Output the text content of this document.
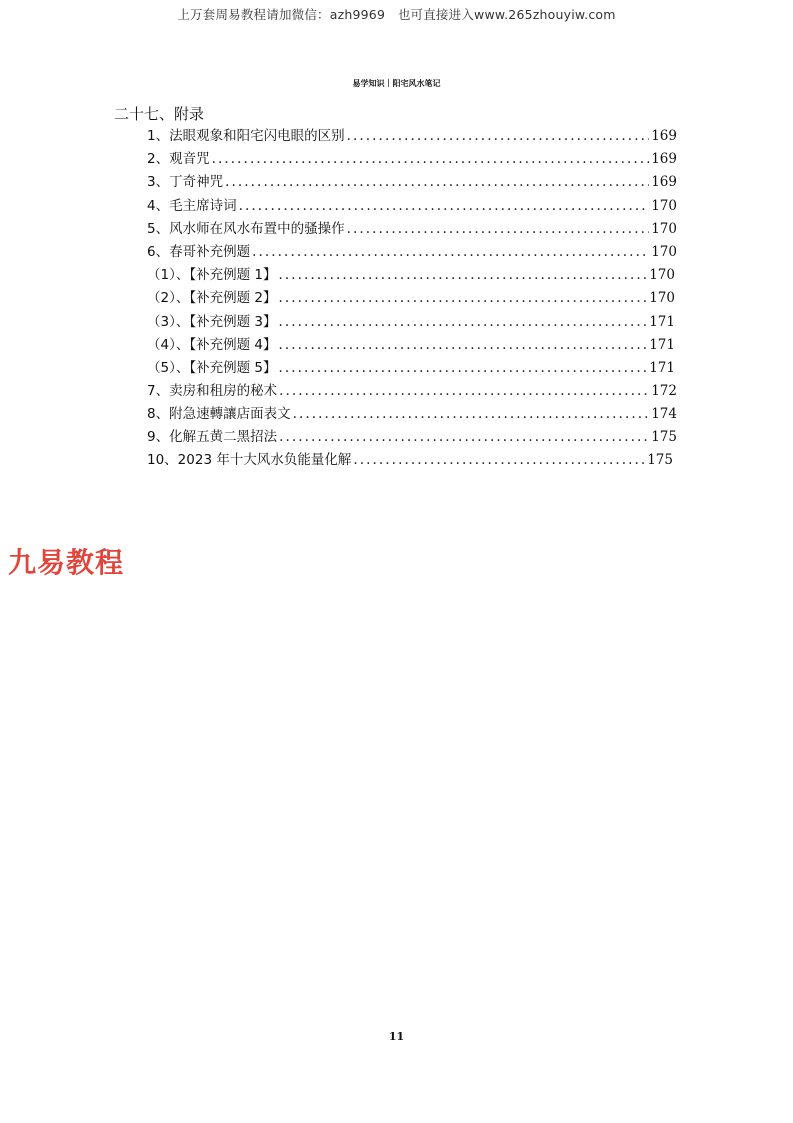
上万套周易教程请加微信：azh9969　也可直接进入www.265zhouyiw.com
易学知识｜阳宅风水笔记
二十七、附录
1、法眼观象和阳宅闪电眼的区别 .....	169
2、观音咒 .....	169
3、丁奇神咒 .....	169
4、毛主席诗词 .....	170
5、风水师在风水布置中的骚操作 .....	170
6、春哥补充例题 .....	170
（1）、【补充例题 1】 .....	170
（2）、【补充例题 2】 .....	170
（3）、【补充例题 3】 .....	171
（4）、【补充例题 4】 .....	171
（5）、【补充例题 5】 .....	171
7、卖房和租房的秘术 .....	172
8、附急速轉讓店面表文 .....	174
9、化解五黄二黑招法 .....	175
10、2023 年十大风水负能量化解 .....	175
九易教程
11
